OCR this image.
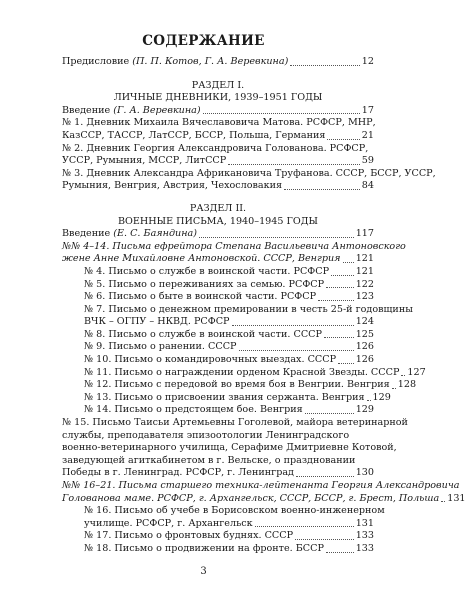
СОДЕРЖАНИЕ
Предисловие (П. П. Котов, Г. А. Веревкина)	12
РАЗДЕЛ I.
ЛИЧНЫЕ ДНЕВНИКИ, 1939–1951 ГОДЫ
Введение (Г. А. Веревкина)	17
№ 1. Дневник Михаила Вячеславовича Матова. РСФСР, МНР,
КазССР, ТАССР, ЛатССР, БССР, Польша, Германия	21
№ 2. Дневник Георгия Александровича Голованова. РСФСР,
УССР, Румыния, МССР, ЛитССР	59
№ 3. Дневник Александра Африкановича Труфанова. СССР, БССР, УССР,
Румыния, Венгрия, Австрия, Чехословакия	84
РАЗДЕЛ II.
ВОЕННЫЕ ПИСЬМА, 1940–1945 ГОДЫ
Введение (Е. С. Баяндина)	117
№№ 4–14. Письма ефрейтора Степана Васильевича Антоновского
жене Анне Михайловне Антоновской. СССР, Венгрия 121
№ 4. Письмо о службе в воинской части. РСФСР	121
№ 5. Письмо о переживаниях за семью. РСФСР	122
№ 6. Письмо о быте в воинской части. РСФСР	123
№ 7. Письмо о денежном премировании в честь 25-й годовщины
ВЧК – ОГПУ – НКВД. РСФСР	124
№ 8. Письмо о службе в воинской части. СССР	125
№ 9. Письмо о ранении. СССР	126
№ 10. Письмо о командировочных выездах. СССР 126
№ 11. Письмо о награждении орденом Красной Звезды. СССР 127
№ 12. Письмо с передовой во время боя в Венгрии. Венгрия 128
№ 13. Письмо о присвоении звания сержанта. Венгрия 129
№ 14. Письмо о предстоящем бое. Венгрия	129
№ 15. Письмо Таисьи Артемьевны Гоголевой, майора ветеринарной
службы, преподавателя эпизоотологии Ленинградского
военно-ветеринарного училища, Серафиме Дмитриевне Котовой,
заведующей агиткабинетом в г. Вельске, о праздновании
Победы в г. Ленинград. РСФСР, г. Ленинград	130
№№ 16–21. Письма старшего техника-лейтенанта Георгия Александровича
Голованова маме. РСФСР, г. Архангельск, СССР, БССР, г. Брест, Польша 131
№ 16. Письмо об учебе в Борисовском военно-инженерном
училище. РСФСР, г. Архангельск	131
№ 17. Письмо о фронтовых буднях. СССР	133
№ 18. Письмо о продвижении на фронте. БССР	133
3
